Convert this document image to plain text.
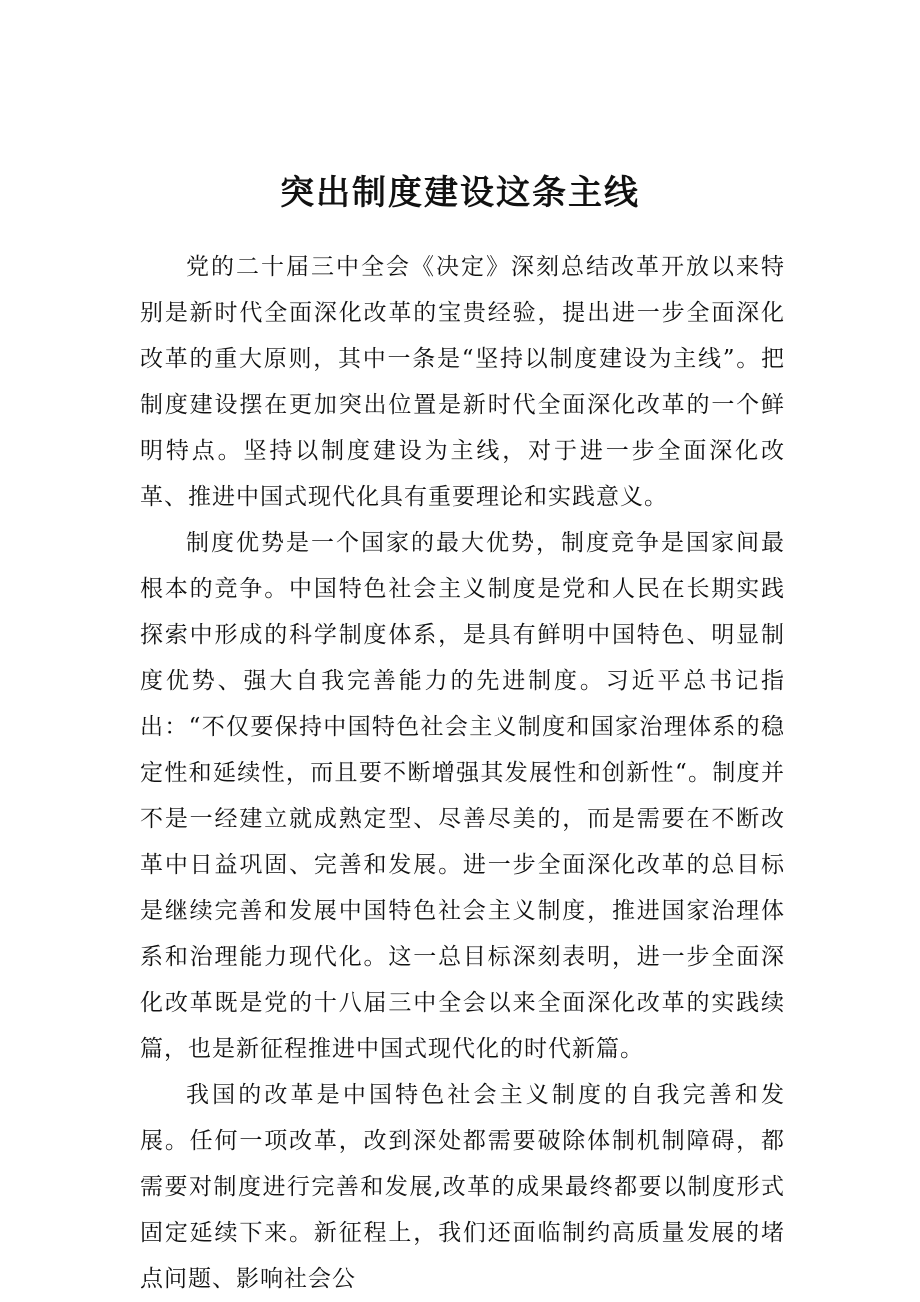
突出制度建设这条主线

党的二十届三中全会《决定》深刻总结改革开放以来特别是新时代全面深化改革的宝贵经验，提出进一步全面深化改革的重大原则，其中一条是“坚持以制度建设为主线”。把制度建设摆在更加突出位置是新时代全面深化改革的一个鲜明特点。坚持以制度建设为主线，对于进一步全面深化改革、推进中国式现代化具有重要理论和实践意义。

制度优势是一个国家的最大优势，制度竞争是国家间最根本的竞争。中国特色社会主义制度是党和人民在长期实践探索中形成的科学制度体系，是具有鲜明中国特色、明显制度优势、强大自我完善能力的先进制度。习近平总书记指出：“不仅要保持中国特色社会主义制度和国家治理体系的稳定性和延续性，而且要不断增强其发展性和创新性“。制度并不是一经建立就成熟定型、尽善尽美的，而是需要在不断改革中日益巩固、完善和发展。进一步全面深化改革的总目标是继续完善和发展中国特色社会主义制度，推进国家治理体系和治理能力现代化。这一总目标深刻表明，进一步全面深化改革既是党的十八届三中全会以来全面深化改革的实践续篇，也是新征程推进中国式现代化的时代新篇。

我国的改革是中国特色社会主义制度的自我完善和发展。任何一项改革，改到深处都需要破除体制机制障碍，都需要对制度进行完善和发展,改革的成果最终都要以制度形式固定延续下来。新征程上，我们还面临制约高质量发展的堵点问题、影响社会公
